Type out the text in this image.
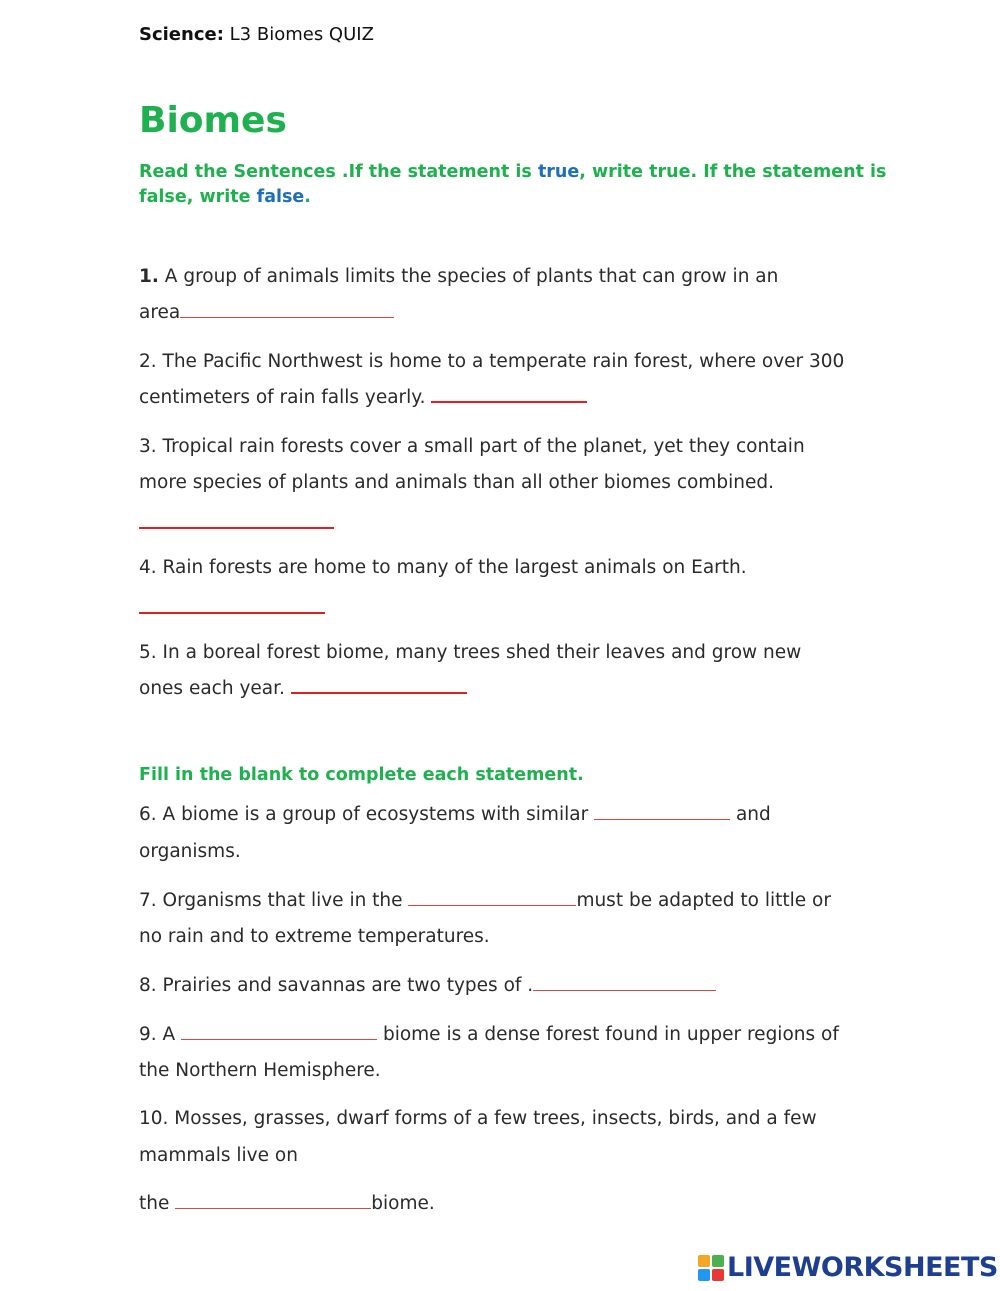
Science: L3 Biomes QUIZ
Biomes
Read the Sentences .If the statement is true, write true. If the statement is
false, write false.
1. A group of animals limits the species of plants that can grow in an
area
2. The Pacific Northwest is home to a temperate rain forest, where over 300
centimeters of rain falls yearly.
3. Tropical rain forests cover a small part of the planet, yet they contain
more species of plants and animals than all other biomes combined.
4. Rain forests are home to many of the largest animals on Earth.
5. In a boreal forest biome, many trees shed their leaves and grow new
ones each year.
Fill in the blank to complete each statement.
6. A biome is a group of ecosystems with similar	and
organisms.
7. Organisms that live in the	must be adapted to little or
no rain and to extreme temperatures.
8. Prairies and savannas are two types of .
9. A	biome is a dense forest found in upper regions of
the Northern Hemisphere.
10. Mosses, grasses, dwarf forms of a few trees, insects, birds, and a few
mammals live on
the	biome.
LIVEWORKSHEETS
